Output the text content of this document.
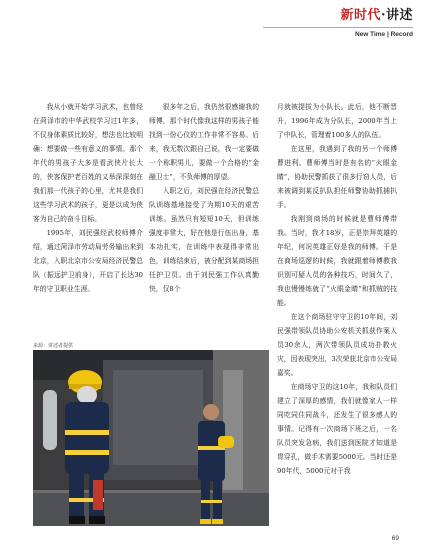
新时代·讲述
New Time | Record

我从小就开始学习武术，也曾经在菏泽市的中华武校学习过1年多，不仅身体素质比较好，想法也比较明确：想要做一些有意义的事情。那个年代的男孩子大多是看武侠片长大的，侠客保护老百姓的义举深深刻在我们那一代孩子的心里，尤其是我们这些学习武术的孩子，更是以成为侠客为自己的奋斗目标。

1995年，刘民强经武校师傅介绍，通过菏泽市劳动局劳务输出来到北京，入职北京市公安局经济民警总队（振远护卫前身），开启了长达30年的守卫职业生涯。

很多年之后，我仍然很感谢我的师傅，那个时代像我这样的男孩子能找到一份心仪的工作非常不容易。后来，我无数次跟自己说，我一定要做一个称职男儿，要做一个合格的“金融卫士”，不负师傅的厚望。

入职之后，刘民强在经济民警总队训练基地接受了为期10天的艰苦训练。虽然只有短短10天，但训练强度非常大，好在他是行伍出身，基本功扎实，在训练中表现得非常出色，训练结束后，被分配到某商场担任护卫员。由于刘民强工作认真勤快，仅8个

月就被提拔为小队长。此后，他不断晋升，1996年成为分队长，2000年当上了中队长，管理着100多人的队伍。

在这里，我遇到了我的另一个师傅曹进利。曹师傅当时是有名的“火眼金睛”，协助民警抓获了很多行窃人员，后来被调到某反扒队担任师警协助抓捕扒手。

我刚到商场的时候就是曹师傅带我。当时，我才18岁，正是崇拜英雄的年纪，何况英雄正好是我的师傅。于是在商场巡逻的时候，我就跟着师傅教我识别可疑人员的各种技巧，时间久了，我也慢慢练就了“火眼金睛”和抓贼的技能。

在这个商场驻守守卫的10年间，刘民强带领队员协助公安机关抓获作案人员30余人，两次带领队员成功扑救火灾，因表现突出，3次荣获北京市公安局嘉奖。

在商场守卫的这10年，我和队员们建立了深厚的感情，我们就像家人一样同吃同住同战斗，还发生了很多感人的事情。记得有一次商场下班之后，一名队员突发急病，我们送到医院才知道是胃穿孔，做手术需要5000元。当时还是90年代，5000元对于我

来源：讲述者提供
69
